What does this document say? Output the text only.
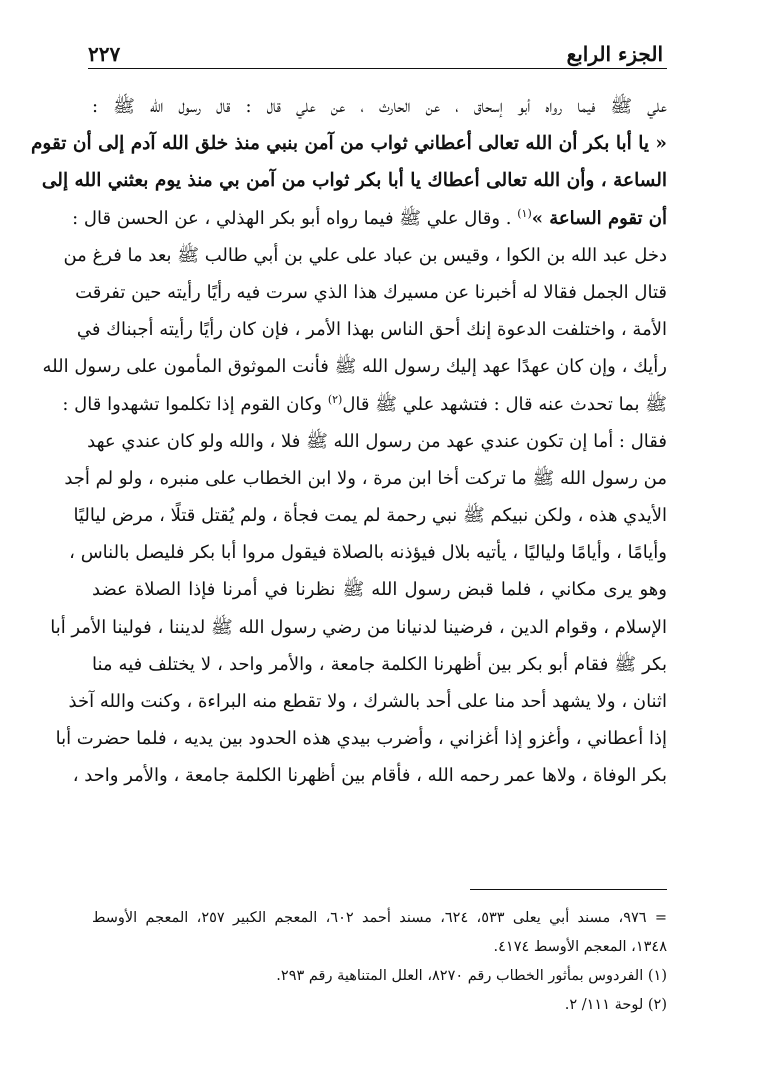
الجزء الرابع
٢٢٧
علي ﷺ فيما رواه أبو إسحاق ، عن الحارث ، عن علي قال : قال رسول الله ﷺ :
« يا أبا بكر أن الله تعالى أعطاني ثواب من آمن بنبي منذ خلق الله آدم إلى أن تقوم
الساعة ، وأن الله تعالى أعطاك يا أبا بكر ثواب من آمن بي منذ يوم بعثني الله إلى
أن تقوم الساعة »$^{(١)}$ . وقال علي ﷺ فيما رواه أبو بكر الهذلي ، عن الحسن قال :
دخل عبد الله بن الكوا ، وقيس بن عباد على علي بن أبي طالب ﷺ بعد ما فرغ من
قتال الجمل فقالا له أخبرنا عن مسيرك هذا الذي سرت فيه رأيًا رأيته حين تفرقت
الأمة ، واختلفت الدعوة إنك أحق الناس بهذا الأمر ، فإن كان رأيًا رأيته أجبناك في
رأيك ، وإن كان عهدًا عهد إليك رسول الله ﷺ فأنت الموثوق المأمون على رسول الله
ﷺ بما تحدث عنه قال : فتشهد علي ﷺ قال$^{(٢)}$ وكان القوم إذا تكلموا تشهدوا قال :
فقال : أما إن تكون عندي عهد من رسول الله ﷺ فلا ، والله ولو كان عندي عهد
من رسول الله ﷺ ما تركت أخا ابن مرة ، ولا ابن الخطاب على منبره ، ولو لم أجد
الأيدي هذه ، ولكن نبيكم ﷺ نبي رحمة لم يمت فجأة ، ولم يُقتل قتلًا ، مرض لياليًا
وأيامًا ، وأيامًا ولياليًا ، يأتيه بلال فيؤذنه بالصلاة فيقول مروا أبا بكر فليصل بالناس ،
وهو يرى مكاني ، فلما قبض رسول الله ﷺ نظرنا في أمرنا فإذا الصلاة عضد
الإسلام ، وقوام الدين ، فرضينا لدنيانا من رضي رسول الله ﷺ لديننا ، فولينا الأمر أبا
بكر ﷺ فقام أبو بكر بين أظهرنا الكلمة جامعة ، والأمر واحد ، لا يختلف فيه منا
اثنان ، ولا يشهد أحد منا على أحد بالشرك ، ولا تقطع منه البراءة ، وكنت والله آخذ
إذا أعطاني ، وأغزو إذا أغزاني ، وأضرب بيدي هذه الحدود بين يديه ، فلما حضرت أبا
بكر الوفاة ، ولاها عمر رحمه الله ، فأقام بين أظهرنا الكلمة جامعة ، والأمر واحد ،
= ٩٧٦، مسند أبي يعلى ٥٣٣، ٦٢٤، مسند أحمد ٦٠٢، المعجم الكبير ٢٥٧، المعجم الأوسط
١٣٤٨، المعجم الأوسط ٤١٧٤.
(١) الفردوس بمأثور الخطاب رقم ٨٢٧٠، العلل المتناهية رقم ٢٩٣.
(٢) لوحة ١١١/ ٢.
